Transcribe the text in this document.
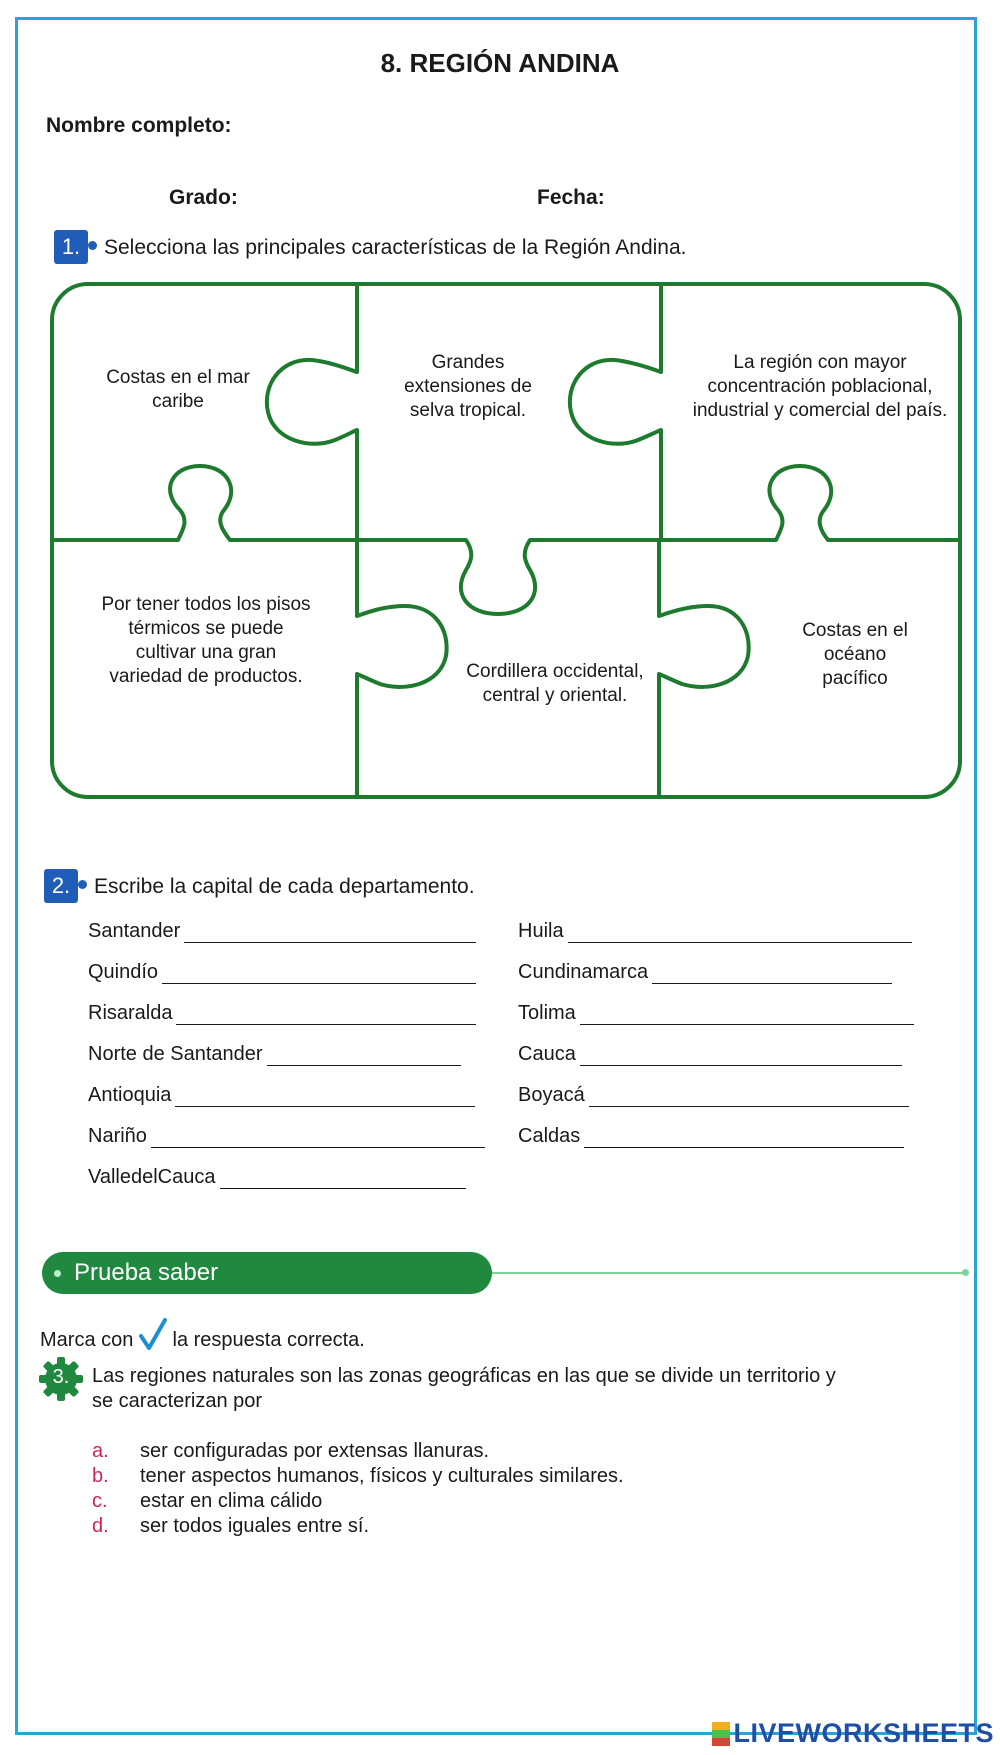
8. REGIÓN ANDINA
Nombre completo:
Grado:	Fecha:
1.	Selecciona las principales características de la Región Andina.
Costas en el mar caribe
Grandes extensiones de selva tropical.
La región con mayor concentración poblacional, industrial y comercial del país.
Por tener todos los pisos térmicos se puede cultivar una gran variedad de productos.	Cordillera occidental, central y oriental.
Costas en el océano pacífico
2.	Escribe la capital de cada departamento.
Santander
Quindío
Risaralda
Norte de Santander
Antioquia
Nariño
ValledelCauca
Huila
Cundinamarca
Tolima
Cauca
Boyacá
Caldas
Prueba saber
Marca con la respuesta correcta.
3.	Las regiones naturales son las zonas geográficas en las que se divide un territorio y
se caracterizan por
a. ser configuradas por extensas llanuras.
b. tener aspectos humanos, físicos y culturales similares.
c. estar en clima cálido
d. ser todos iguales entre sí.
LIVEWORKSHEETS
